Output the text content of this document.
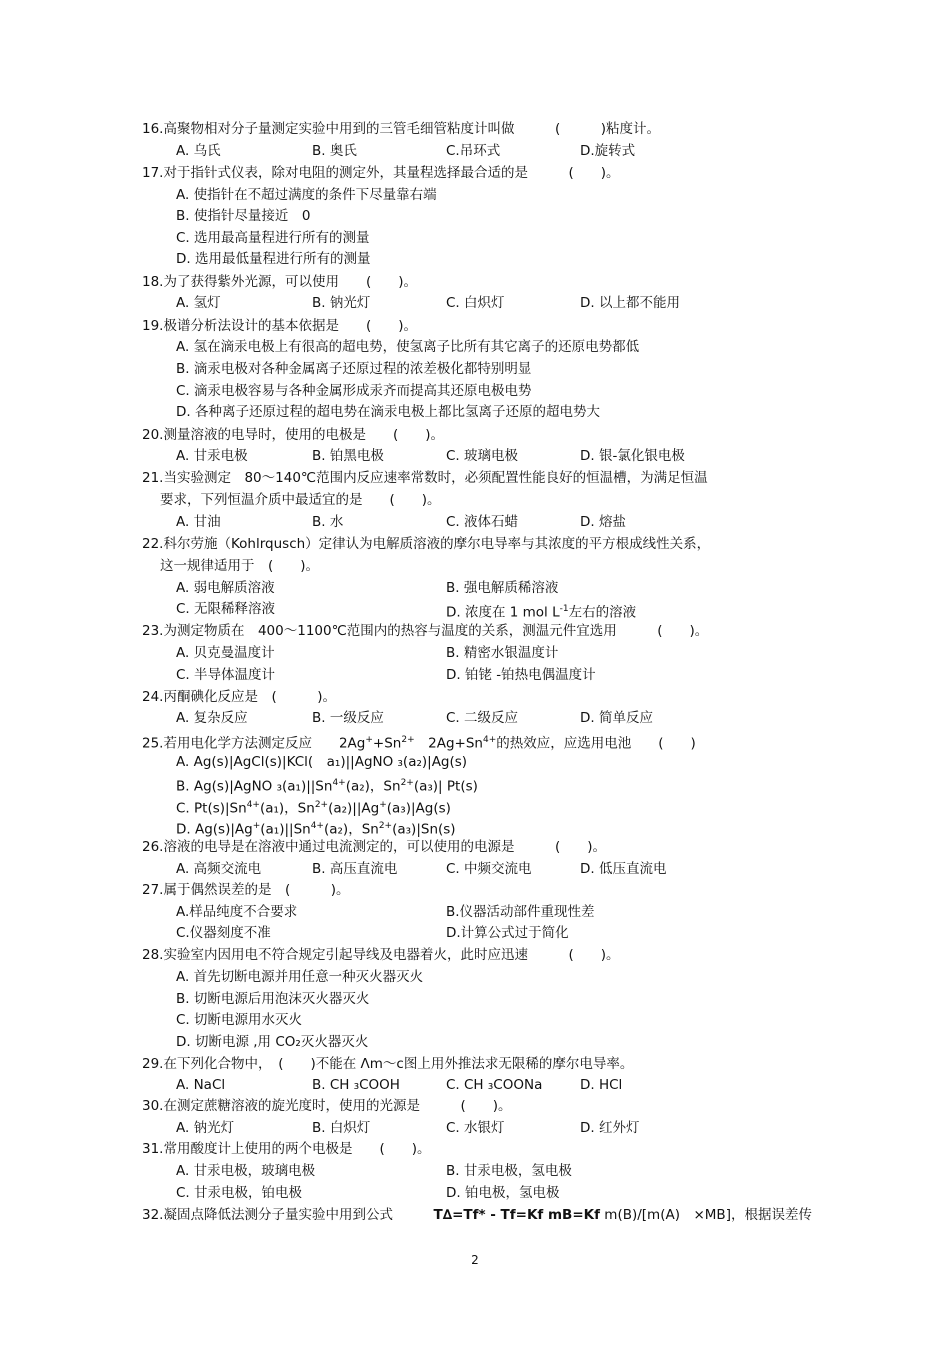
16.高聚物相对分子量测定实验中用到的三管毛细管粘度计叫做　　　(　　　)粘度计。
A. 乌氏	B. 奥氏	C.吊环式	D.旋转式
17.对于指针式仪表，除对电阻的测定外，其量程选择最合适的是　　　(　　)。
A. 使指针在不超过满度的条件下尽量靠右端
B. 使指针尽量接近　0
C. 选用最高量程进行所有的测量
D. 选用最低量程进行所有的测量
18.为了获得紫外光源，可以使用　　(　　)。
A. 氢灯	B. 钠光灯	C. 白炽灯	D. 以上都不能用
19.极谱分析法设计的基本依据是　　(　　)。
A. 氢在滴汞电极上有很高的超电势，使氢离子比所有其它离子的还原电势都低
B. 滴汞电极对各种金属离子还原过程的浓差极化都特别明显
C. 滴汞电极容易与各种金属形成汞齐而提高其还原电极电势
D. 各种离子还原过程的超电势在滴汞电极上都比氢离子还原的超电势大
20.测量溶液的电导时，使用的电极是　　(　　)。
A. 甘汞电极	B. 铂黑电极	C. 玻璃电极	D. 银-氯化银电极
21.当实验测定　80～140℃范围内反应速率常数时，必须配置性能良好的恒温槽，为满足恒温
要求，下列恒温介质中最适宜的是　　(　　)。
A. 甘油	B. 水	C. 液体石蜡	D. 熔盐
22.科尔劳施（Kohlrqusch）定律认为电解质溶液的摩尔电导率与其浓度的平方根成线性关系，
这一规律适用于　(　　)。
A. 弱电解质溶液	B. 强电解质稀溶液
C. 无限稀释溶液	D. 浓度在 1 mol $L^{-1}$左右的溶液
23.为测定物质在　400～1100℃范围内的热容与温度的关系，测温元件宜选用　　　(　　)。
A. 贝克曼温度计	B. 精密水银温度计
C. 半导体温度计	D. 铂铑 -铂热电偶温度计
24.丙酮碘化反应是　(　　　)。
A. 复杂反应	B. 一级反应	C. 二级反应	D. 简单反应
25.若用电化学方法测定反应　　$2Ag^++Sn^{2+}$　$2Ag+Sn^{4+}$的热效应，应选用电池　　(　　)
A. Ag(s)|AgCl(s)|KCl(　a₁)||AgNO ₃(a₂)|Ag(s)
B. Ag(s)|AgNO $_3(a_1)||Sn^{4+}(a_2)$，$Sn^{2+}(a_3)|$ Pt(s)
C. $Pt(s)|Sn^{4+}(a_1)$，$Sn^{2+}(a_2)||Ag^+(a_3)|Ag(s)$
D. $Ag(s)|Ag^+(a_1)||Sn^{4+}(a_2)$，$Sn^{2+}(a_3)|Sn(s)$
26.溶液的电导是在溶液中通过电流测定的，可以使用的电源是　　　(　　)。
A. 高频交流电	B. 高压直流电	C. 中频交流电	D. 低压直流电
27.属于偶然误差的是　(　　　)。
A.样品纯度不合要求	B.仪器活动部件重现性差
C.仪器刻度不准	D.计算公式过于简化
28.实验室内因用电不符合规定引起导线及电器着火，此时应迅速　　　(　　)。
A. 首先切断电源并用任意一种灭火器灭火
B. 切断电源后用泡沫灭火器灭火
C. 切断电源用水灭火
D. 切断电源 ,用 CO₂灭火器灭火
29.在下列化合物中，　(　　)不能在 Λm～c图上用外推法求无限稀的摩尔电导率。
A. NaCl	B. CH ₃COOH	C. CH ₃COONa	D. HCl
30.在测定蔗糖溶液的旋光度时，使用的光源是　　　(　　)。
A. 钠光灯	B. 白炽灯	C. 水银灯	D. 红外灯
31.常用酸度计上使用的两个电极是　　(　　)。
A. 甘汞电极，玻璃电极	B. 甘汞电极，氢电极
C. 甘汞电极，铂电极	D. 铂电极，氢电极
32.凝固点降低法测分子量实验中用到公式　　　T∆=Tf* - Tf=Kf mB=Kf m(B)/[m(A)　×MB]，根据误差传
2
